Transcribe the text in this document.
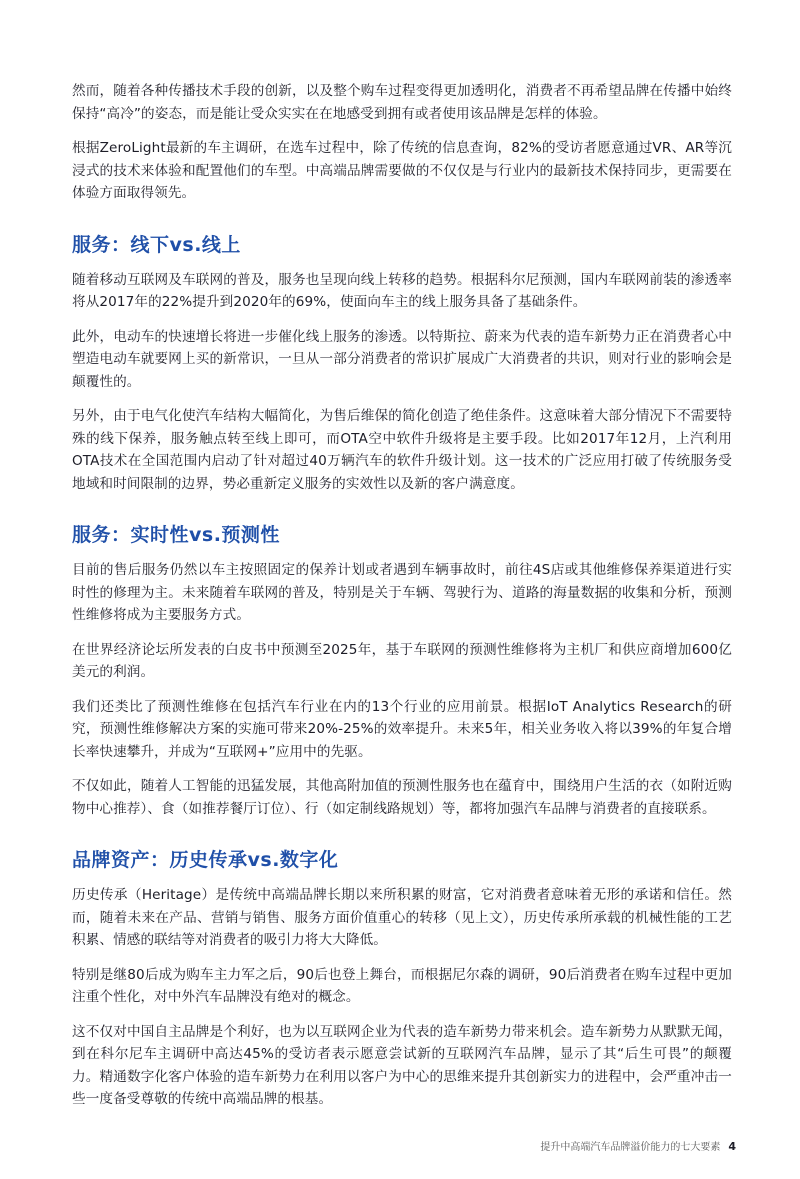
然而，随着各种传播技术手段的创新，以及整个购车过程变得更加透明化，消费者不再希望品牌在传播中始终保持“高冷”的姿态，而是能让受众实实在在地感受到拥有或者使用该品牌是怎样的体验。

根据ZeroLight最新的车主调研，在选车过程中，除了传统的信息查询，82%的受访者愿意通过VR、AR等沉浸式的技术来体验和配置他们的车型。中高端品牌需要做的不仅仅是与行业内的最新技术保持同步，更需要在体验方面取得领先。

服务：线下vs.线上

随着移动互联网及车联网的普及，服务也呈现向线上转移的趋势。根据科尔尼预测，国内车联网前装的渗透率将从2017年的22%提升到2020年的69%，使面向车主的线上服务具备了基础条件。

此外，电动车的快速增长将进一步催化线上服务的渗透。以特斯拉、蔚来为代表的造车新势力正在消费者心中塑造电动车就要网上买的新常识，一旦从一部分消费者的常识扩展成广大消费者的共识，则对行业的影响会是颠覆性的。

另外，由于电气化使汽车结构大幅简化，为售后维保的简化创造了绝佳条件。这意味着大部分情况下不需要特殊的线下保养，服务触点转至线上即可，而OTA空中软件升级将是主要手段。比如2017年12月，上汽利用OTA技术在全国范围内启动了针对超过40万辆汽车的软件升级计划。这一技术的广泛应用打破了传统服务受地域和时间限制的边界，势必重新定义服务的实效性以及新的客户满意度。

服务：实时性vs.预测性

目前的售后服务仍然以车主按照固定的保养计划或者遇到车辆事故时，前往4S店或其他维修保养渠道进行实时性的修理为主。未来随着车联网的普及，特别是关于车辆、驾驶行为、道路的海量数据的收集和分析，预测性维修将成为主要服务方式。

在世界经济论坛所发表的白皮书中预测至2025年，基于车联网的预测性维修将为主机厂和供应商增加600亿美元的利润。

我们还类比了预测性维修在包括汽车行业在内的13个行业的应用前景。根据IoT Analytics Research的研究，预测性维修解决方案的实施可带来20%-25%的效率提升。未来5年，相关业务收入将以39%的年复合增长率快速攀升，并成为“互联网+”应用中的先驱。

不仅如此，随着人工智能的迅猛发展，其他高附加值的预测性服务也在蕴育中，围绕用户生活的衣（如附近购物中心推荐）、食（如推荐餐厅订位）、行（如定制线路规划）等，都将加强汽车品牌与消费者的直接联系。

品牌资产：历史传承vs.数字化

历史传承（Heritage）是传统中高端品牌长期以来所积累的财富，它对消费者意味着无形的承诺和信任。然而，随着未来在产品、营销与销售、服务方面价值重心的转移（见上文），历史传承所承载的机械性能的工艺积累、情感的联结等对消费者的吸引力将大大降低。

特别是继80后成为购车主力军之后，90后也登上舞台，而根据尼尔森的调研，90后消费者在购车过程中更加注重个性化，对中外汽车品牌没有绝对的概念。

这不仅对中国自主品牌是个利好，也为以互联网企业为代表的造车新势力带来机会。造车新势力从默默无闻，到在科尔尼车主调研中高达45%的受访者表示愿意尝试新的互联网汽车品牌，显示了其“后生可畏”的颠覆力。精通数字化客户体验的造车新势力在利用以客户为中心的思维来提升其创新实力的进程中，会严重冲击一些一度备受尊敬的传统中高端品牌的根基。

提升中高端汽车品牌溢价能力的七大要素 4
